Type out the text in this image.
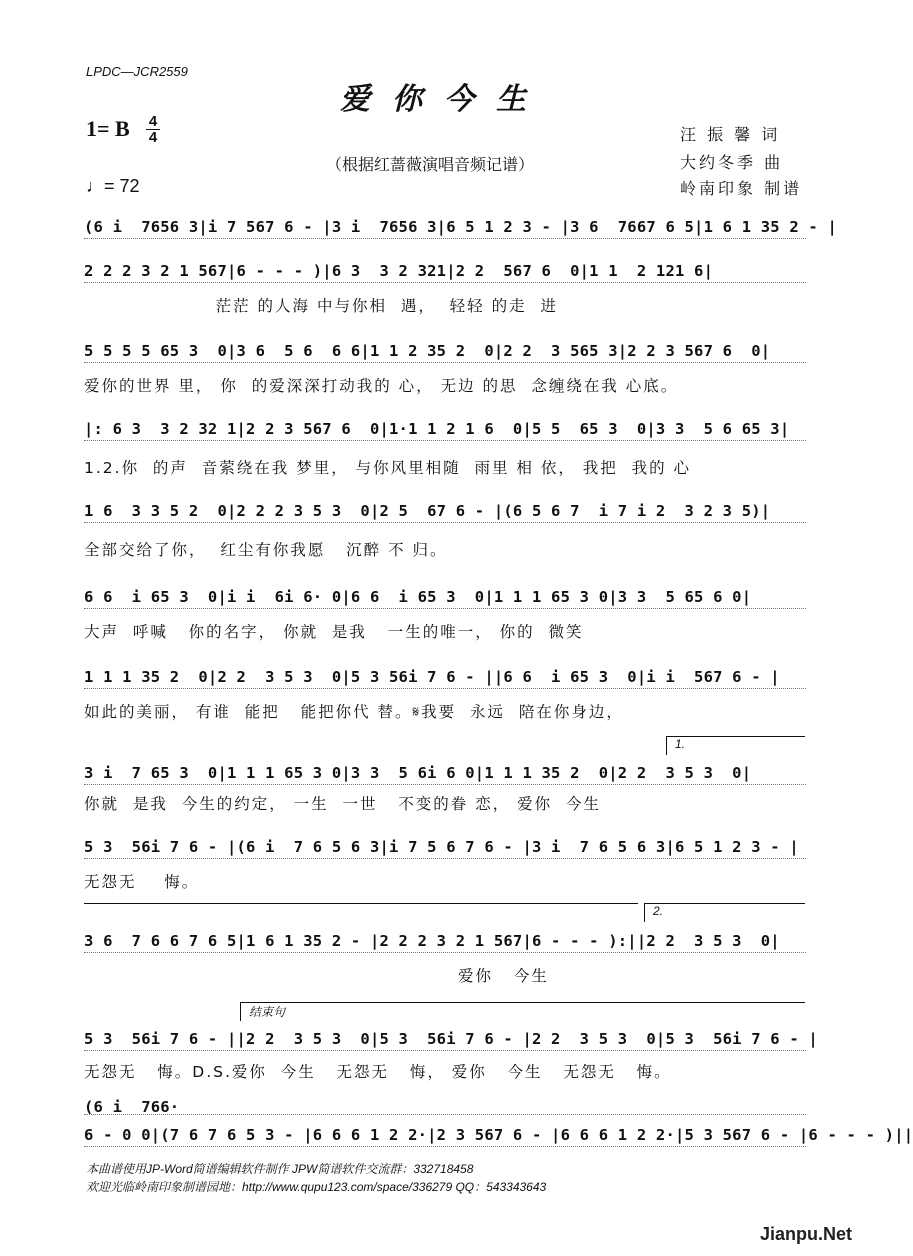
LPDC—JCR2559
爱你今生
1= B 4
4
（根据红蔷薇演唱音频记谱）
♩= 72
汪 振 馨 词
大约冬季 曲
岭南印象 制谱
(6 i  7656 3|i 7 567 6 - |3 i  7656 3|6 5 1 2 3 - |3 6  7667 6 5|1 6 1 35 2 - |
2 2 2 3 2 1 567|6 - - - )|6 3  3 2 321|2 2  567 6  0|1 1  2 121 6|
茫茫 的人海 中与你相  遇，  轻轻 的走  进
5 5 5 5 65 3  0|3 6  5 6  6 6|1 1 2 35 2  0|2 2  3 565 3|2 2 3 567 6  0|
爱你的世界 里， 你  的爱深深打动我的 心， 无边 的思  念缠绕在我 心底。
|: 6 3  3 2 32 1|2 2 3 567 6  0|1·1 1 2 1 6  0|5 5  65 3  0|3 3  5 6 65 3|
1.2.你  的声  音萦绕在我 梦里， 与你风里相随  雨里 相 依， 我把  我的 心
1 6  3 3 5 2  0|2 2 2 3 5 3  0|2 5  67 6 - |(6 5 6 7  i 7 i 2  3 2 3 5)|
全部交给了你，  红尘有你我愿   沉醉 不 归。
6 6  i 65 3  0|i i  6i 6· 0|6 6  i 65 3  0|1 1 1 65 3 0|3 3  5 65 6 0|
大声  呼喊   你的名字， 你就  是我   一生的唯一， 你的  微笑
1 1 1 35 2  0|2 2  3 5 3  0|5 3 56i 7 6 - ||6 6  i 65 3  0|i i  567 6 - |
如此的美丽， 有谁  能把   能把你代 替。𝄋我要  永远  陪在你身边，
1.
3 i  7 65 3  0|1 1 1 65 3 0|3 3  5 6i 6 0|1 1 1 35 2  0|2 2  3 5 3  0|
你就  是我  今生的约定， 一生  一世   不变的眷 恋， 爱你  今生
5 3  56i 7 6 - |(6 i  7 6 5 6 3|i 7 5 6 7 6 - |3 i  7 6 5 6 3|6 5 1 2 3 - |
无怨无    悔。
2.
3 6  7 6 6 7 6 5|1 6 1 35 2 - |2 2 2 3 2 1 567|6 - - - ):||2 2  3 5 3  0|
爱你   今生
结束句
5 3  56i 7 6 - ||2 2  3 5 3  0|5 3  56i 7 6 - |2 2  3 5 3  0|5 3  56i 7 6 - |
无怨无   悔。D.S.爱你  今生   无怨无   悔， 爱你   今生   无怨无   悔。
(6 i  766·
6 - 0 0|(7 6 7 6 5 3 - |6 6 6 1 2 2·|2 3 567 6 - |6 6 6 1 2 2·|5 3 567 6 - |6 - - - )||
本曲谱使用JP-Word简谱编辑软件制作 JPW简谱软件交流群：332718458
欢迎光临岭南印象制谱园地：http://www.qupu123.com/space/336279 QQ：543343643
Jianpu.Net
